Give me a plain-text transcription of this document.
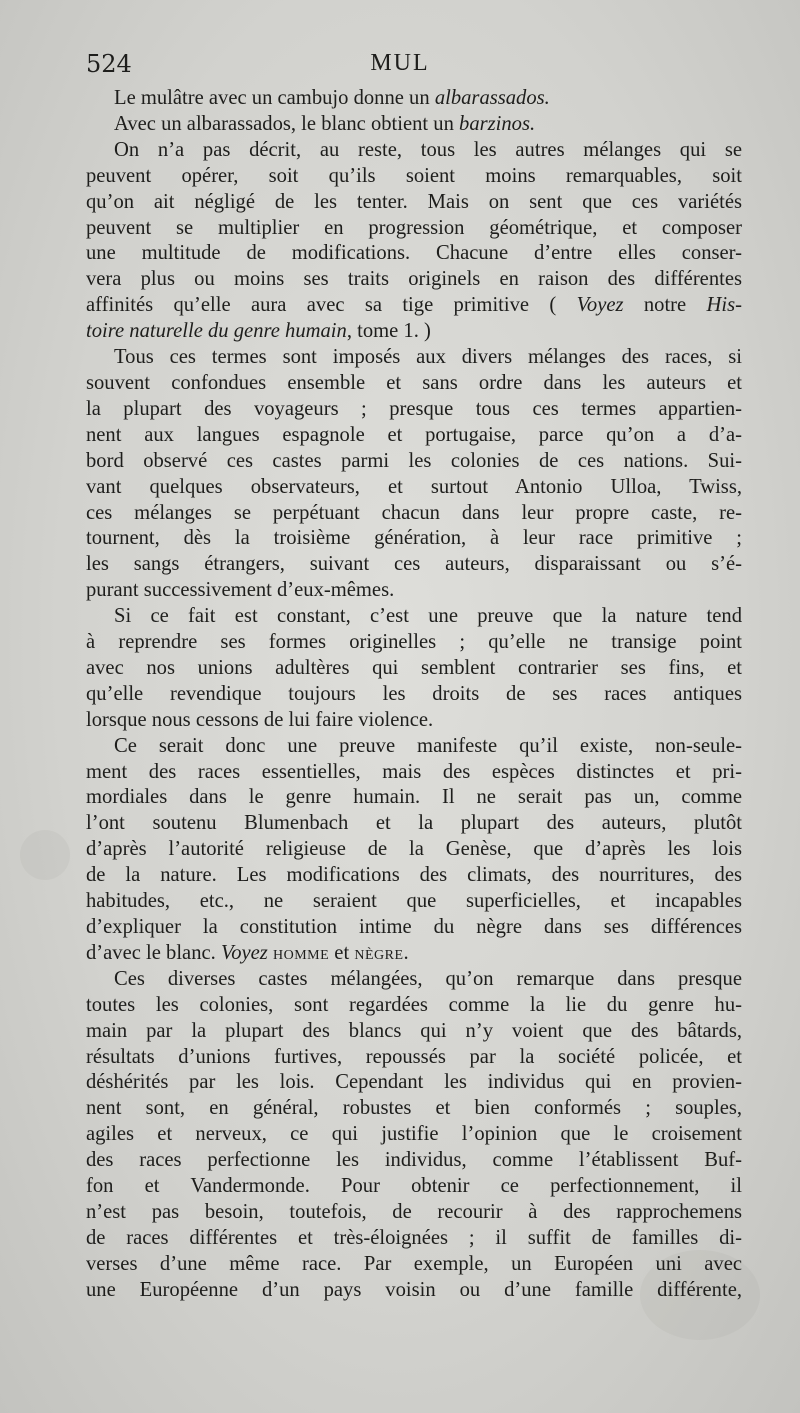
524	MUL
Le mulâtre avec un cambujo donne un albarassados.
Avec un albarassados, le blanc obtient un barzinos.
On n’a pas décrit, au reste, tous les autres mélanges qui se
peuvent opérer, soit qu’ils soient moins remarquables, soit
qu’on ait négligé de les tenter. Mais on sent que ces variétés
peuvent se multiplier en progression géométrique, et composer
une multitude de modifications. Chacune d’entre elles conser-
vera plus ou moins ses traits originels en raison des différentes
affinités qu’elle aura avec sa tige primitive ( Voyez notre His-
toire naturelle du genre humain, tome 1. )
Tous ces termes sont imposés aux divers mélanges des races, si
souvent confondues ensemble et sans ordre dans les auteurs et
la plupart des voyageurs ; presque tous ces termes appartien-
nent aux langues espagnole et portugaise, parce qu’on a d’a-
bord observé ces castes parmi les colonies de ces nations. Sui-
vant quelques observateurs, et surtout Antonio Ulloa, Twiss,
ces mélanges se perpétuant chacun dans leur propre caste, re-
tournent, dès la troisième génération, à leur race primitive ;
les sangs étrangers, suivant ces auteurs, disparaissant ou s’é-
purant successivement d’eux-mêmes.
Si ce fait est constant, c’est une preuve que la nature tend
à reprendre ses formes originelles ; qu’elle ne transige point
avec nos unions adultères qui semblent contrarier ses fins, et
qu’elle revendique toujours les droits de ses races antiques
lorsque nous cessons de lui faire violence.
Ce serait donc une preuve manifeste qu’il existe, non-seule-
ment des races essentielles, mais des espèces distinctes et pri-
mordiales dans le genre humain. Il ne serait pas un, comme
l’ont soutenu Blumenbach et la plupart des auteurs, plutôt
d’après l’autorité religieuse de la Genèse, que d’après les lois
de la nature. Les modifications des climats, des nourritures, des
habitudes, etc., ne seraient que superficielles, et incapables
d’expliquer la constitution intime du nègre dans ses différences
d’avec le blanc. Voyez homme et nègre.
Ces diverses castes mélangées, qu’on remarque dans presque
toutes les colonies, sont regardées comme la lie du genre hu-
main par la plupart des blancs qui n’y voient que des bâtards,
résultats d’unions furtives, repoussés par la société policée, et
déshérités par les lois. Cependant les individus qui en provien-
nent sont, en général, robustes et bien conformés ; souples,
agiles et nerveux, ce qui justifie l’opinion que le croisement
des races perfectionne les individus, comme l’établissent Buf-
fon et Vandermonde. Pour obtenir ce perfectionnement, il
n’est pas besoin, toutefois, de recourir à des rapprochemens
de races différentes et très-éloignées ; il suffit de familles di-
verses d’une même race. Par exemple, un Européen uni avec
une Européenne d’un pays voisin ou d’une famille différente,
